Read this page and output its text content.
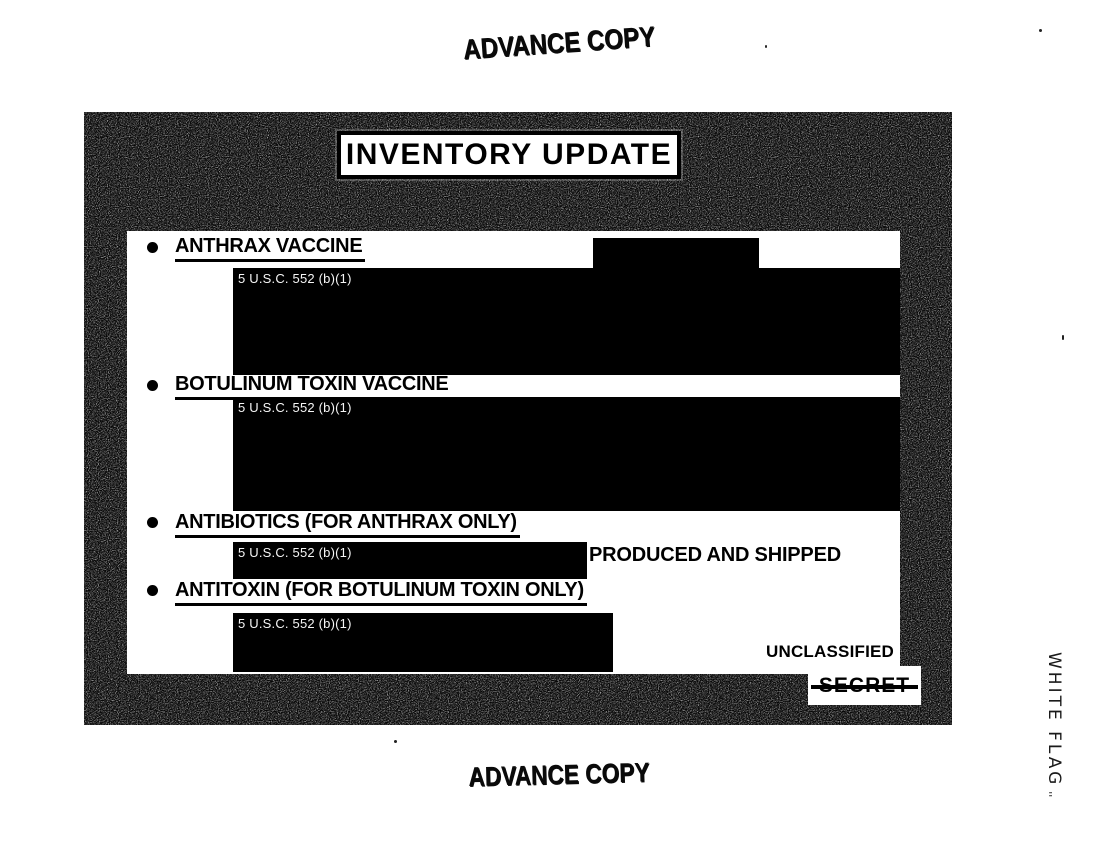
ADVANCE COPY
INVENTORY UPDATE
ANTHRAX VACCINE
5 U.S.C. 552 (b)(1)
BOTULINUM TOXIN VACCINE
5 U.S.C. 552 (b)(1)
ANTIBIOTICS (FOR ANTHRAX ONLY)
5 U.S.C. 552 (b)(1)	PRODUCED AND SHIPPED
ANTITOXIN (FOR BOTULINUM TOXIN ONLY)
5 U.S.C. 552 (b)(1)
UNCLASSIFIED
ADVANCE COPY	WHITE $FLAG''$
